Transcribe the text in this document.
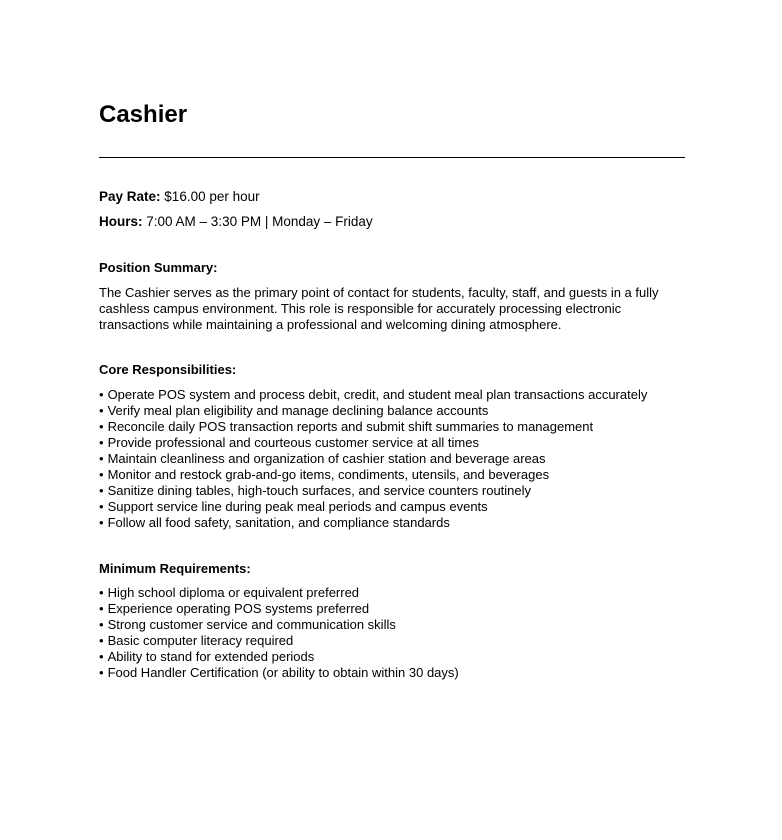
Cashier

Pay Rate: $16.00 per hour

Hours: 7:00 AM – 3:30 PM | Monday – Friday

Position Summary:

The Cashier serves as the primary point of contact for students, faculty, staff, and guests in a fully cashless campus environment. This role is responsible for accurately processing electronic transactions while maintaining a professional and welcoming dining atmosphere.

Core Responsibilities:
• Operate POS system and process debit, credit, and student meal plan transactions accurately
• Verify meal plan eligibility and manage declining balance accounts
• Reconcile daily POS transaction reports and submit shift summaries to management
• Provide professional and courteous customer service at all times
• Maintain cleanliness and organization of cashier station and beverage areas
• Monitor and restock grab-and-go items, condiments, utensils, and beverages
• Sanitize dining tables, high-touch surfaces, and service counters routinely
• Support service line during peak meal periods and campus events
• Follow all food safety, sanitation, and compliance standards
Minimum Requirements:
• High school diploma or equivalent preferred
• Experience operating POS systems preferred
• Strong customer service and communication skills
• Basic computer literacy required
• Ability to stand for extended periods
• Food Handler Certification (or ability to obtain within 30 days)
